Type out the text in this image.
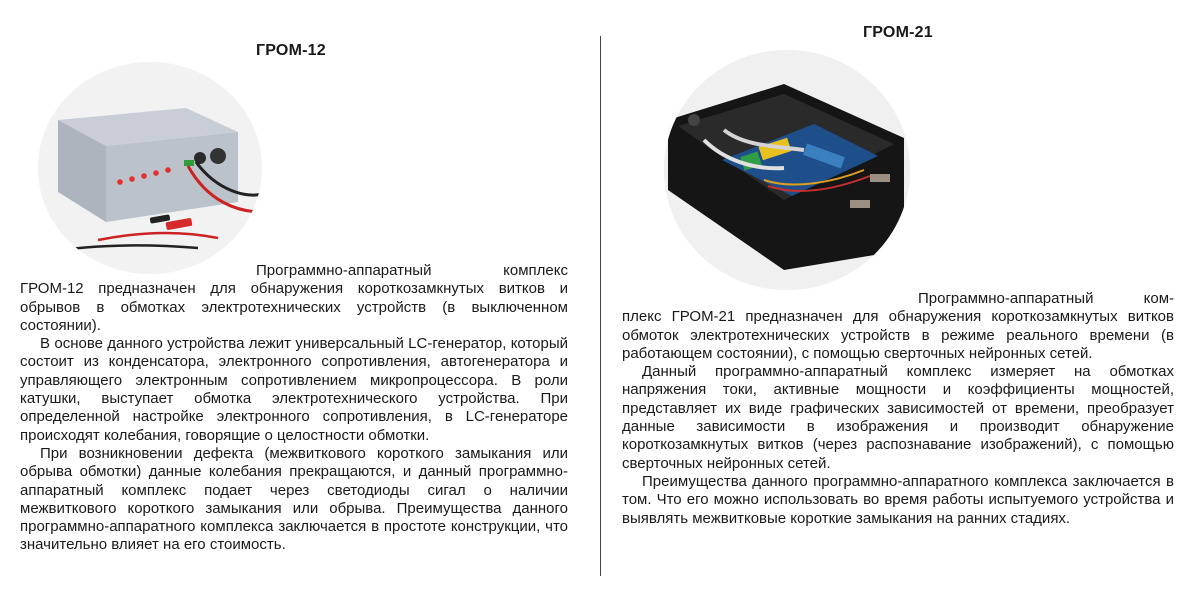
ГРОМ-12

Программно-аппаратный комплекс

ГРОМ-12 предназначен для обнаружения короткозамкнутых витков и обрывов в обмотках электротехнических устройств (в выключенном состоянии).

В основе данного устройства лежит универсальный LC-генератор, который состоит из конденсатора, электронного сопротивления, автогенератора и управляющего электронным сопротивлением микропроцессора. В роли катушки, выступает обмотка электротехнического устройства. При определенной настройке электронного сопротивления, в LC-генераторе происходят колебания, говорящие о целостности обмотки.

При возникновении дефекта (межвиткового короткого замыкания или обрыва обмотки) данные колебания прекращаются, и данный программно-аппаратный комплекс подает через светодиоды сигал о наличии межвиткового короткого замыкания или обрыва. Преимущества данного программно-аппаратного комплекса заключается в простоте конструкции, что значительно влияет на его стоимость.

ГРОМ-21

Программно-аппаратный ком-

плекс ГРОМ-21 предназначен для обнаружения короткозамкнутых витков обмоток электротехнических устройств в режиме реального времени (в работающем состоянии), с помощью сверточных нейронных сетей.

Данный программно-аппаратный комплекс измеряет на обмотках напряжения токи, активные мощности и коэффициенты мощностей, представляет их виде графических зависимостей от времени, преобразует данные зависимости в изображения и производит обнаружение короткозамкнутых витков (через распознавание изображений), с помощью сверточных нейронных сетей.

Преимущества данного программно-аппаратного комплекса заключается в том. Что его можно использовать во время работы испытуемого устройства и выявлять межвитковые короткие замыкания на ранних стадиях.
